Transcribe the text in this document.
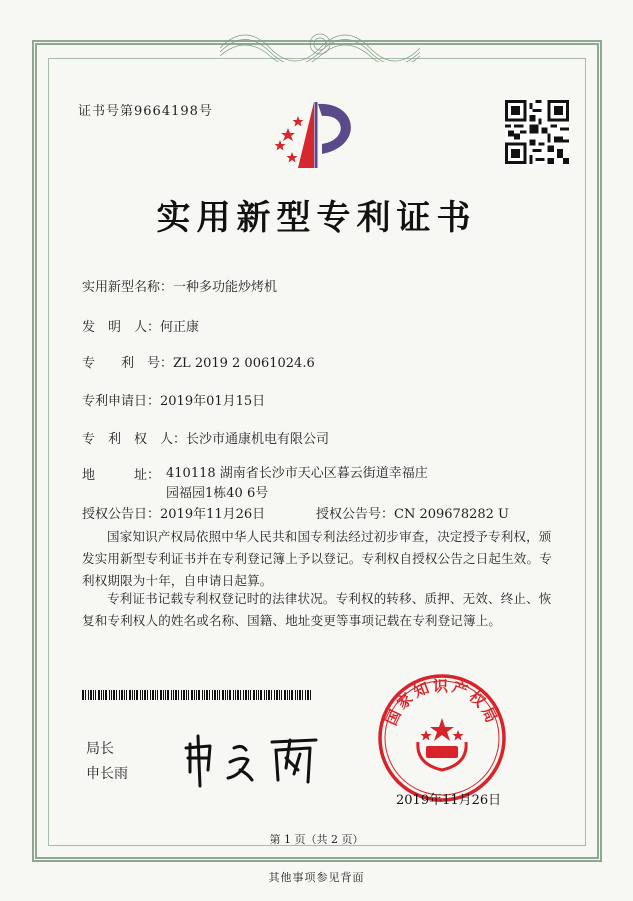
证书号第9664198号
实用新型专利证书
实用新型名称：一种多功能炒烤机
发　明　人：何正康
专　　利　号：ZL 2019 2 0061024.6
专利申请日：2019年01月15日
专　利　权　人：长沙市通康机电有限公司
地　　　址： 410118 湖南省长沙市天心区暮云街道幸福庄园福园1栋40 6号
授权公告日：2019年11月26日	授权公告号：CN 209678282 U
国家知识产权局依照中华人民共和国专利法经过初步审查，决定授予专利权，颁发实用新型专利证书并在专利登记簿上予以登记。专利权自授权公告之日起生效。专利权期限为十年，自申请日起算。
专利证书记载专利权登记时的法律状况。专利权的转移、质押、无效、终止、恢复和专利权人的姓名或名称、国籍、地址变更等事项记载在专利登记簿上。
局长
申长雨
国家知识产权局
2019年11月26日
第 1 页（共 2 页）
其他事项参见背面
